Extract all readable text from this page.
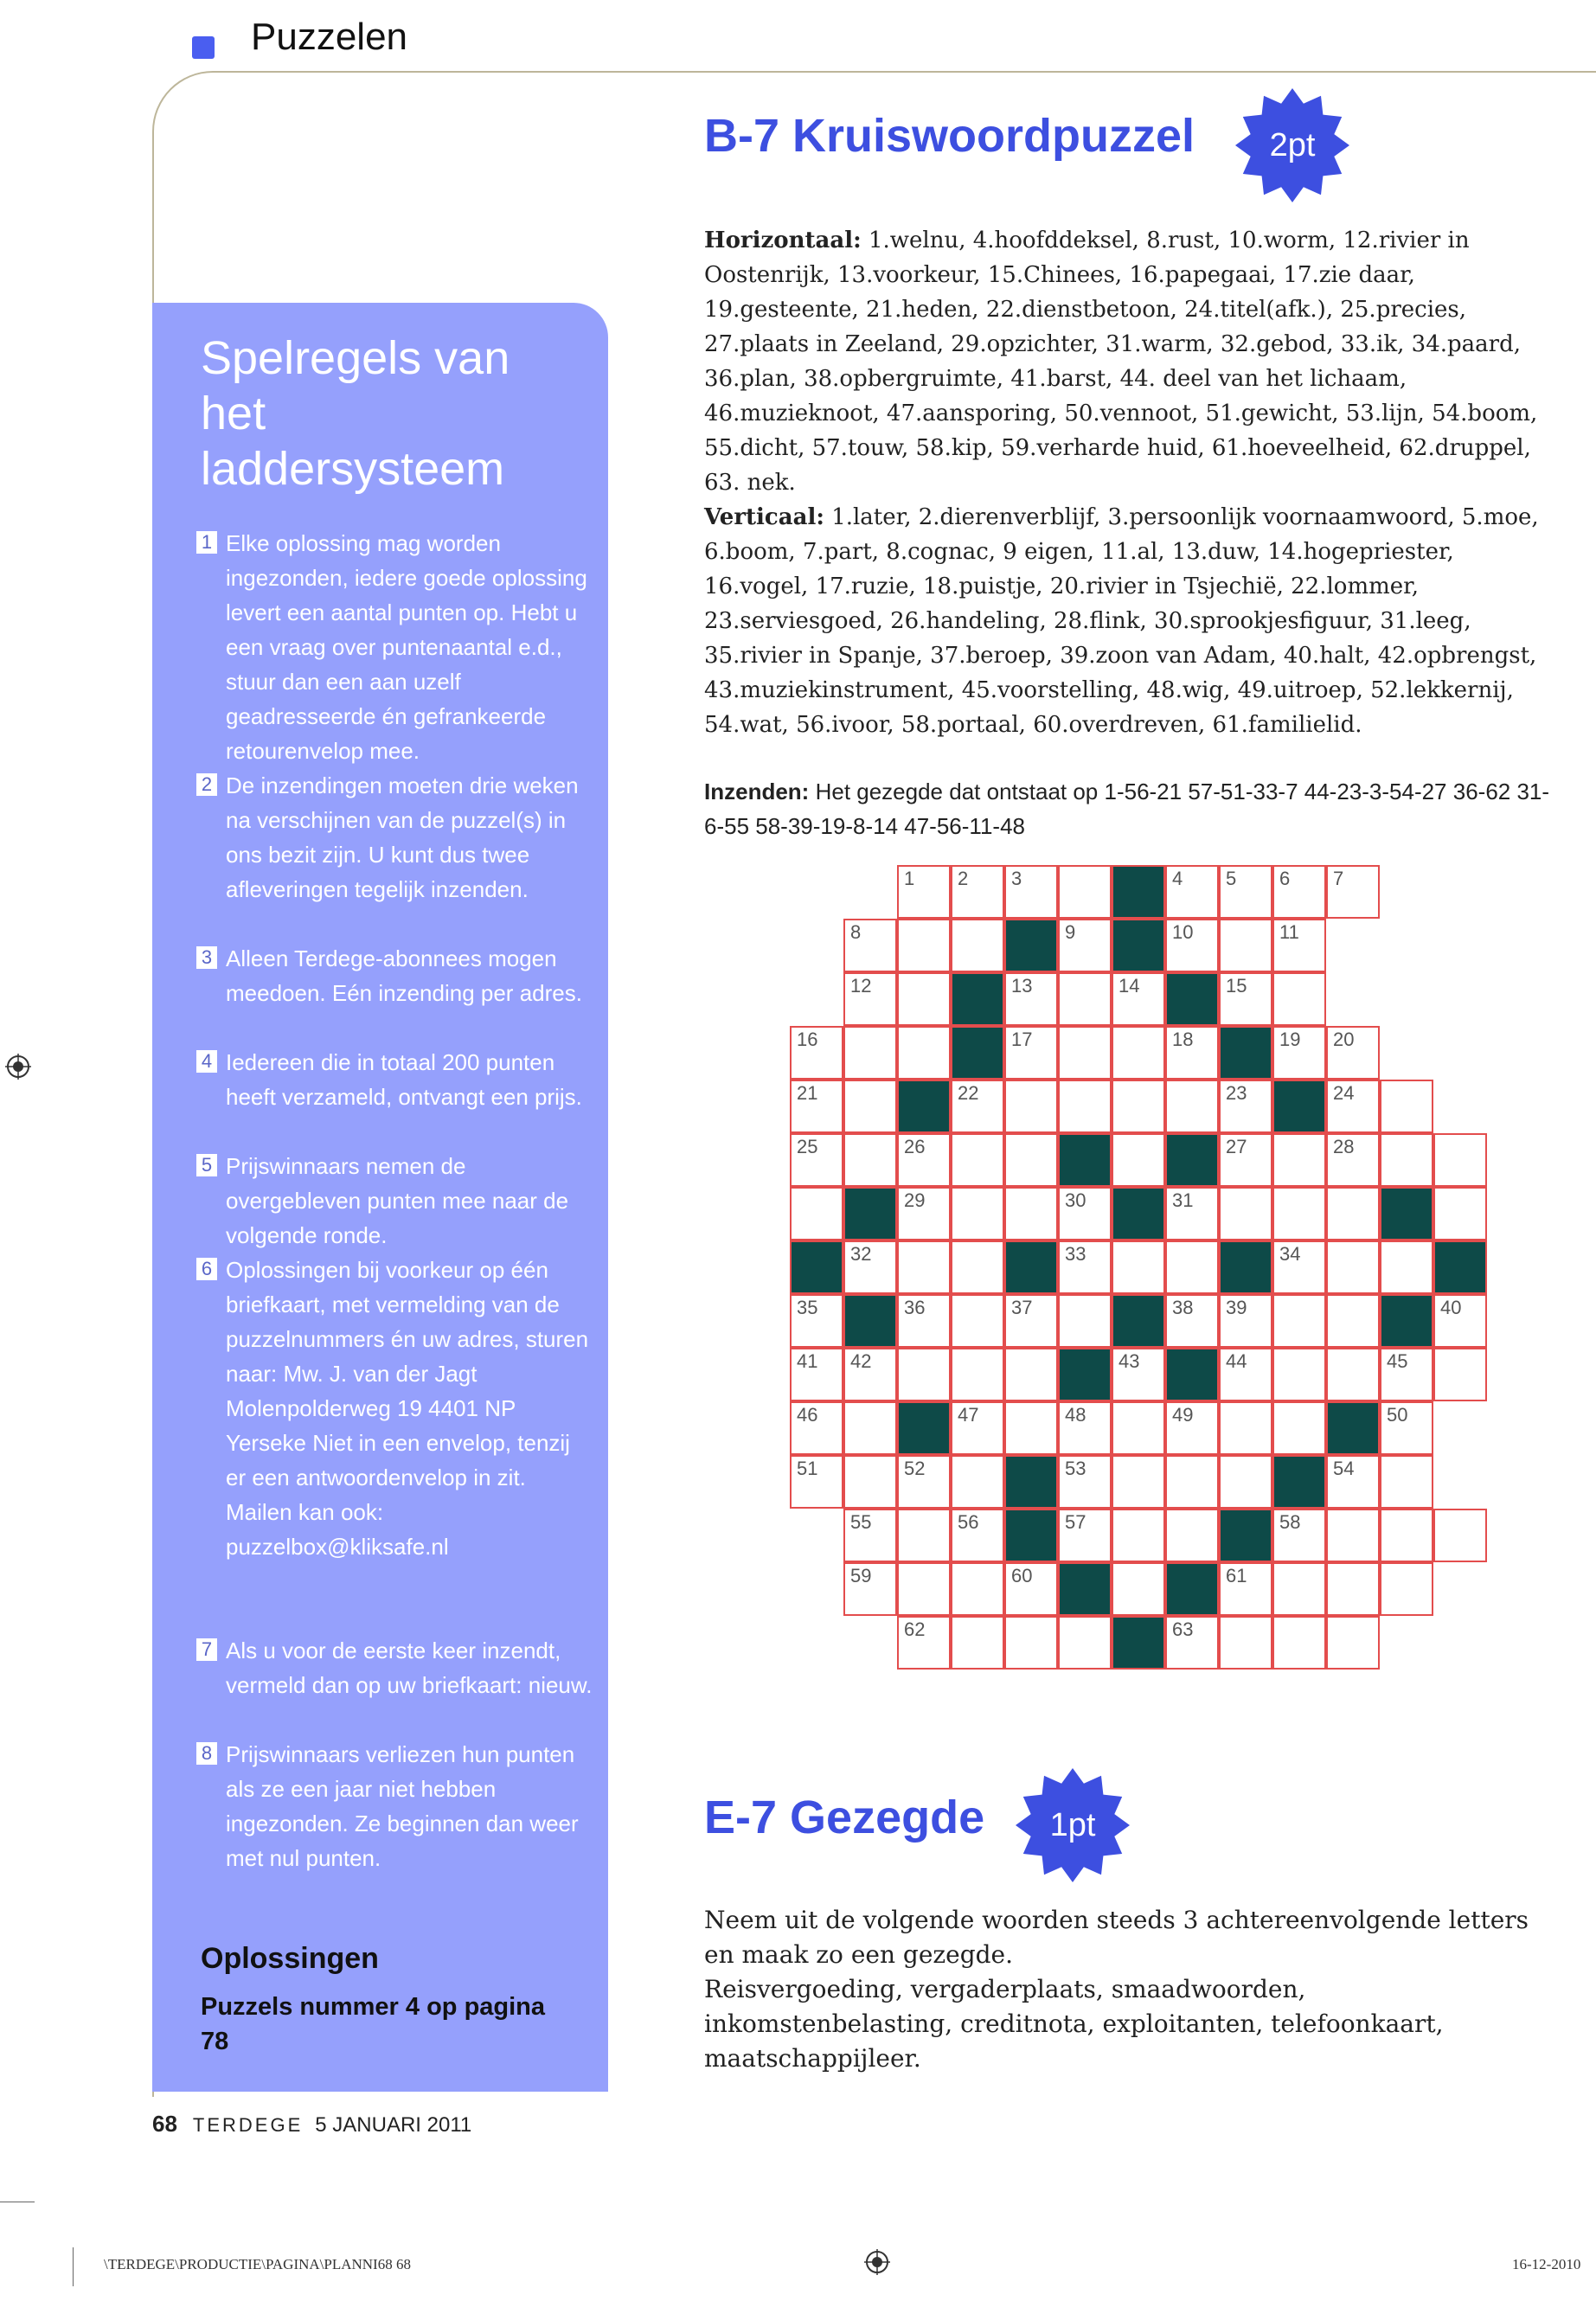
Puzzelen
Spelregels van het laddersysteem
1 Elke oplossing mag worden ingezonden, iedere goede oplossing levert een aantal punten op. Hebt u een vraag over puntenaantal e.d., stuur dan een aan uzelf geadresseerde én gefrankeerde retourenvelop mee.
2 De inzendingen moeten drie weken na verschijnen van de puzzel(s) in ons bezit zijn. U kunt dus twee afleveringen tegelijk inzenden.
3 Alleen Terdege-abonnees mogen meedoen. Eén inzending per adres.
4 Iedereen die in totaal 200 punten heeft verzameld, ontvangt een prijs.
5 Prijswinnaars nemen de overgebleven punten mee naar de volgende ronde.
6 Oplossingen bij voorkeur op één briefkaart, met vermelding van de puzzelnummers én uw adres, sturen naar: Mw. J. van der Jagt Molenpolderweg 19 4401 NP Yerseke Niet in een envelop, tenzij er een antwoordenvelop in zit. Mailen kan ook: puzzelbox@kliksafe.nl
7 Als u voor de eerste keer inzendt, vermeld dan op uw briefkaart: nieuw.
8 Prijswinnaars verliezen hun punten als ze een jaar niet hebben ingezonden. Ze beginnen dan weer met nul punten.
Oplossingen
Puzzels nummer 4 op pagina 78
B-7 Kruiswoordpuzzel 2pt

Horizontaal: 1.welnu, 4.hoofddeksel, 8.rust, 10.worm, 12.rivier in Oostenrijk, 13.voorkeur, 15.Chinees, 16.papegaai, 17.zie daar, 19.gesteente, 21.heden, 22.dienstbetoon, 24.titel(afk.), 25.precies, 27.plaats in Zeeland, 29.opzichter, 31.warm, 32.gebod, 33.ik, 34.paard, 36.plan, 38.opbergruimte, 41.barst, 44. deel van het lichaam, 46.muzieknoot, 47.aansporing, 50.vennoot, 51.gewicht, 53.lijn, 54.boom, 55.dicht, 57.touw, 58.kip, 59.verharde huid, 61.hoeveelheid, 62.druppel, 63. nek.

Verticaal: 1.later, 2.dierenverblijf, 3.persoonlijk voornaamwoord, 5.moe, 6.boom, 7.part, 8.cognac, 9 eigen, 11.al, 13.duw, 14.hogepriester, 16.vogel, 17.ruzie, 18.puistje, 20.rivier in Tsjechië, 22.lommer, 23.serviesgoed, 26.handeling, 28.flink, 30.sprookjesfiguur, 31.leeg, 35.rivier in Spanje, 37.beroep, 39.zoon van Adam, 40.halt, 42.opbrengst, 43.muziekinstrument, 45.voorstelling, 48.wig, 49.uitroep, 52.lekkernij, 54.wat, 56.ivoor, 58.portaal, 60.overdreven, 61.familielid.

Inzenden: Het gezegde dat ontstaat op 1-56-21 57-51-33-7 44-23-3-54-27 36-62 31-6-55 58-39-19-8-14 47-56-11-48
1 2 3	4 5 6 7
8	9	10	11
12	13	14	15
16	17	18	19 20
21	22	23	24
25	26	27	28
29	30	31
32	33	34
35	36	37	38 39	40
41 42	43	44	45
46	47	48	49	50
51	52	53	54
55	56	57	58
59	60	61
62	63
E-7 Gezegde 1pt

Neem uit de volgende woorden steeds 3 achtereenvolgende letters en maak zo een gezegde.

Reisvergoeding, vergaderplaats, smaadwoorden, inkomstenbelasting, creditnota, exploitanten, telefoonkaart, maatschappijleer.

68 TERDEGE 5 JANUARI 2011
\TERDEGE\PRODUCTIE\PAGINA\PLANNI68 68	16-12-2010
